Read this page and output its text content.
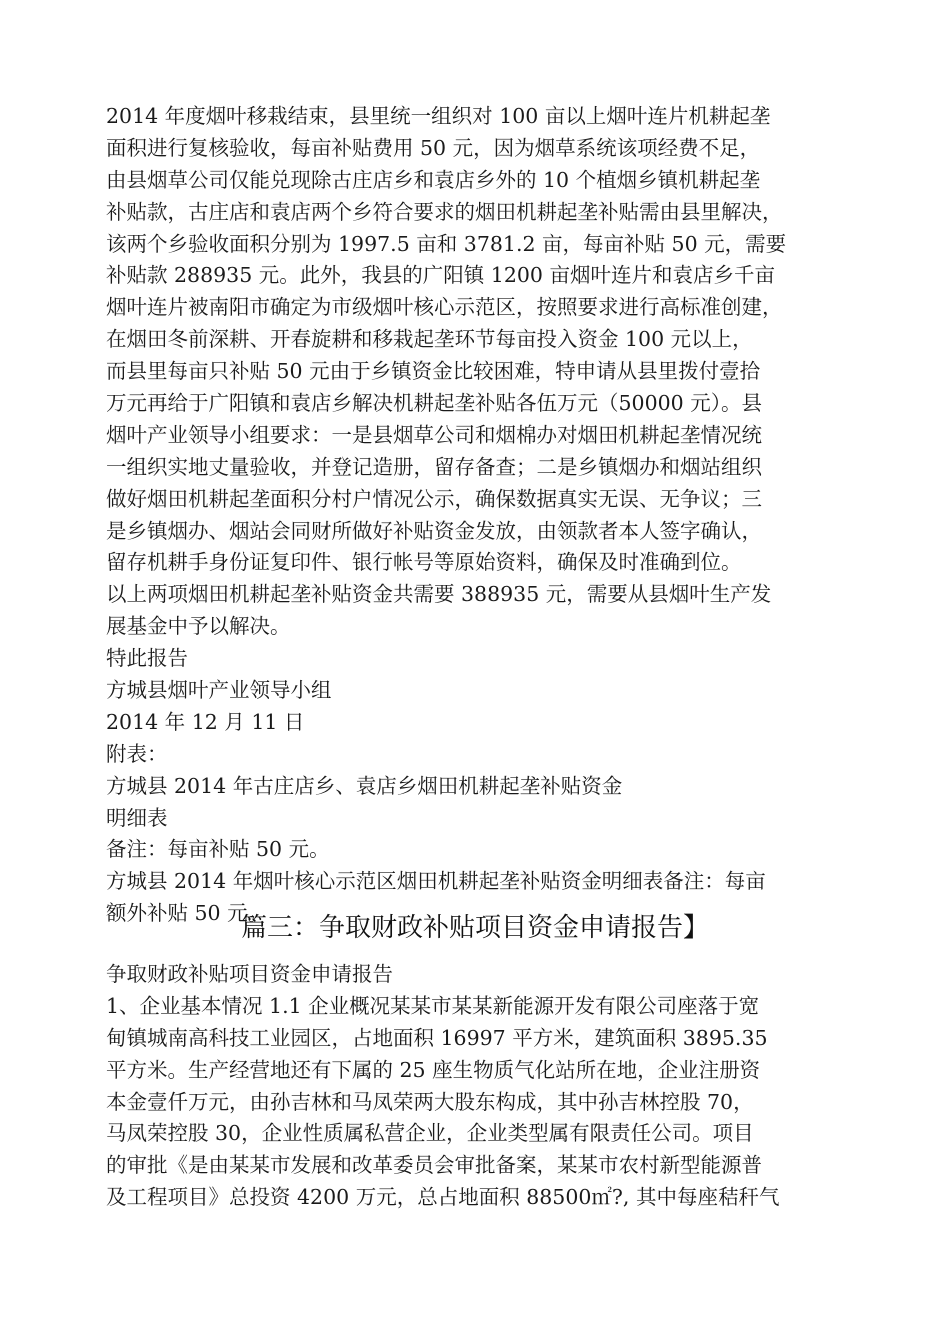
2014 年度烟叶移栽结束，县里统一组织对 100 亩以上烟叶连片机耕起垄
面积进行复核验收，每亩补贴费用 50 元，因为烟草系统该项经费不足，
由县烟草公司仅能兑现除古庄店乡和袁店乡外的 10 个植烟乡镇机耕起垄
补贴款，古庄店和袁店两个乡符合要求的烟田机耕起垄补贴需由县里解决，
该两个乡验收面积分别为 1997.5 亩和 3781.2 亩，每亩补贴 50 元，需要
补贴款 288935 元。此外，我县的广阳镇 1200 亩烟叶连片和袁店乡千亩
烟叶连片被南阳市确定为市级烟叶核心示范区，按照要求进行高标准创建，
在烟田冬前深耕、开春旋耕和移栽起垄环节每亩投入资金 100 元以上，
而县里每亩只补贴 50 元由于乡镇资金比较困难，特申请从县里拨付壹拾
万元再给于广阳镇和袁店乡解决机耕起垄补贴各伍万元（50000 元）。县
烟叶产业领导小组要求：一是县烟草公司和烟棉办对烟田机耕起垄情况统
一组织实地丈量验收，并登记造册，留存备查；二是乡镇烟办和烟站组织
做好烟田机耕起垄面积分村户情况公示，确保数据真实无误、无争议；三
是乡镇烟办、烟站会同财所做好补贴资金发放，由领款者本人签字确认，
留存机耕手身份证复印件、银行帐号等原始资料，确保及时准确到位。
以上两项烟田机耕起垄补贴资金共需要 388935 元，需要从县烟叶生产发
展基金中予以解决。
特此报告
方城县烟叶产业领导小组
2014 年 12 月 11 日
附表：
方城县 2014 年古庄店乡、袁店乡烟田机耕起垄补贴资金
明细表
备注：每亩补贴 50 元。
方城县 2014 年烟叶核心示范区烟田机耕起垄补贴资金明细表备注：每亩
额外补贴 50 元。
篇三：争取财政补贴项目资金申请报告】
争取财政补贴项目资金申请报告
1、企业基本情况 1.1 企业概况某某市某某新能源开发有限公司座落于宽
甸镇城南高科技工业园区，占地面积 16997 平方米，建筑面积 3895.35
平方米。生产经营地还有下属的 25 座生物质气化站所在地，企业注册资
本金壹仟万元，由孙吉林和马凤荣两大股东构成，其中孙吉林控股 70，
马凤荣控股 30，企业性质属私营企业，企业类型属有限责任公司。项目
的审批《是由某某市发展和改革委员会审批备案，某某市农村新型能源普
及工程项目》总投资 4200 万元，总占地面积 88500㎡?, 其中每座秸秆气
